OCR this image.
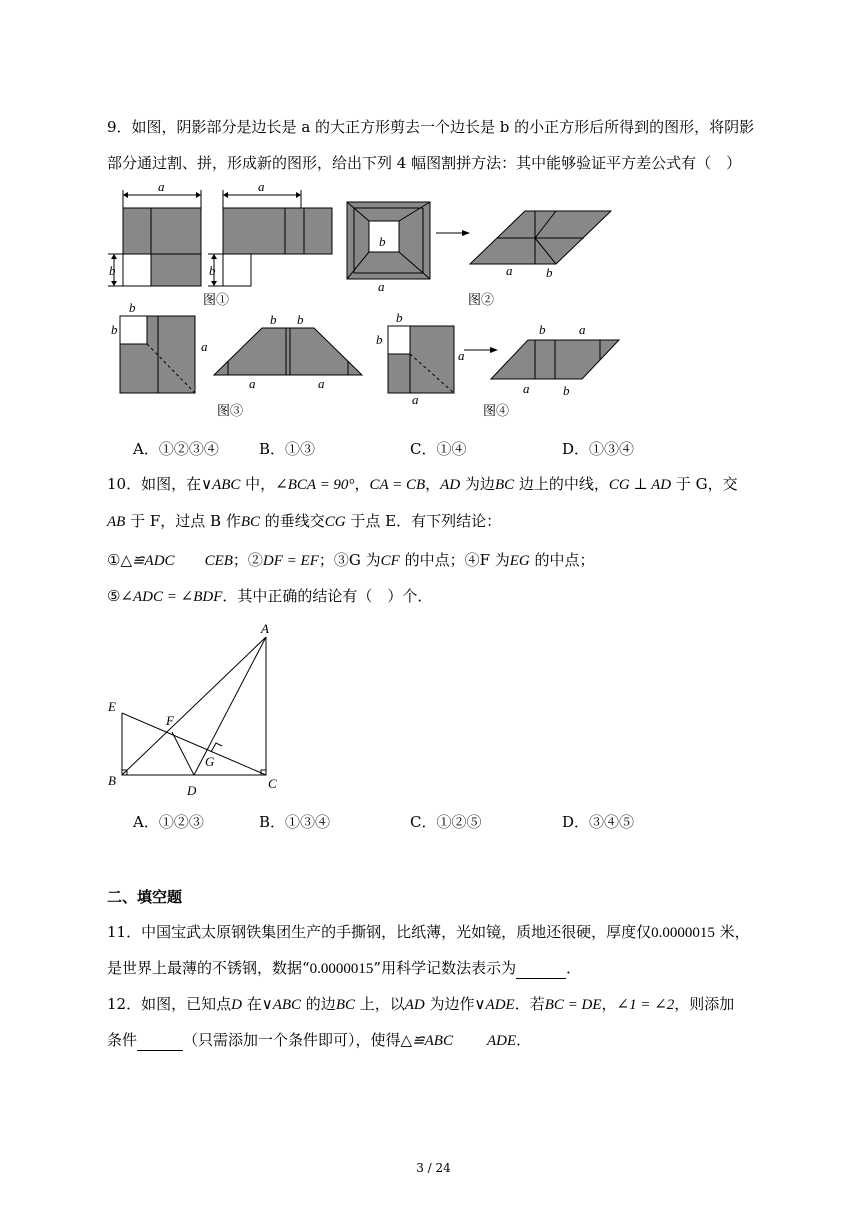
9．如图，阴影部分是边长是 a 的大正方形剪去一个边长是 b 的小正方形后所得到的图形，将阴影
部分通过割、拼，形成新的图形，给出下列 4 幅图割拼方法：其中能够验证平方差公式有（　）
a
b
a
b
图①
b
a
a	b
图②
b
b
a
b b
a	a
图③
b
b
a
a
b	a
a	b
图④
A．①②③④	B．①③	C．①④	D．①③④
10．如图，在∨ABC 中，∠BCA = 90°，CA = CB，AD 为边BC 边上的中线，CG ⊥ AD 于 G，交
AB 于 F，过点 B 作BC 的垂线交CG 于点 E．有下列结论：
①△≌ADC CEB；②DF = EF；③G 为CF 的中点；④F 为EG 的中点；
⑤∠ADC = ∠BDF．其中正确的结论有（　）个．
A
E
F
G
B
D	C
A．①②③	B．①③④	C．①②⑤	D．③④⑤
二、填空题
11．中国宝武太原钢铁集团生产的手撕钢，比纸薄，光如镜，质地还很硬，厚度仅0.0000015 米，
是世界上最薄的不锈钢，数据“0.0000015”用科学记数法表示为	．
12．如图，已知点D 在∨ABC 的边BC 上，以AD 为边作∨ADE．若BC = DE，∠1 = ∠2，则添加
条件	（只需添加一个条件即可），使得△≌ABC ADE．
3 / 24
